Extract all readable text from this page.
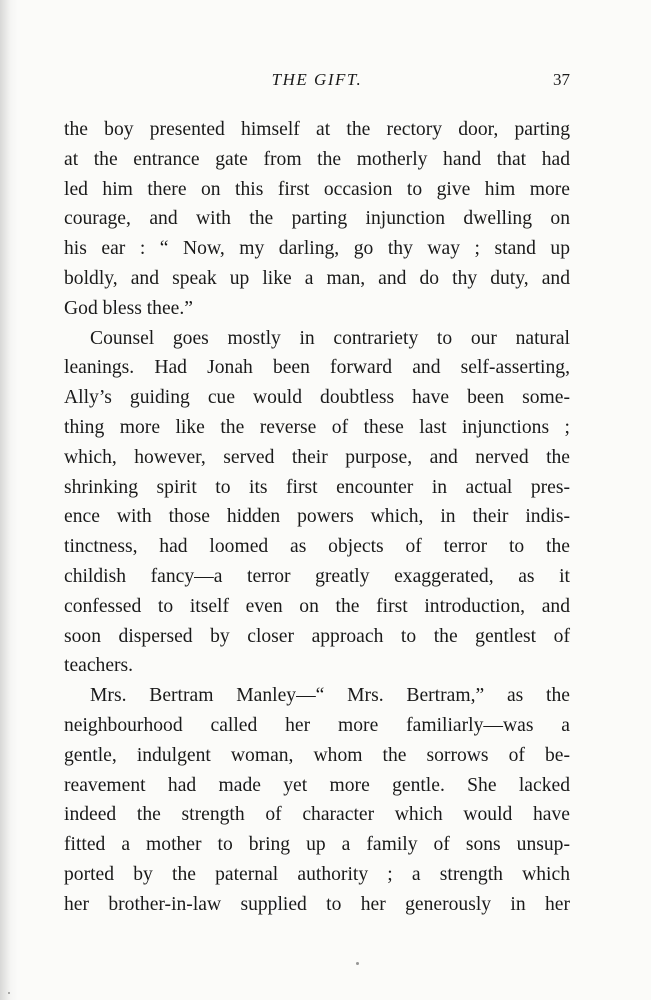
THE GIFT.	37
the boy presented himself at the rectory door, parting
at the entrance gate from the motherly hand that had
led him there on this first occasion to give him more
courage, and with the parting injunction dwelling on
his ear : “ Now, my darling, go thy way ; stand up
boldly, and speak up like a man, and do thy duty, and
God bless thee.”
Counsel goes mostly in contrariety to our natural
leanings. Had Jonah been forward and self-asserting,
Ally’s guiding cue would doubtless have been some-
thing more like the reverse of these last injunctions ;
which, however, served their purpose, and nerved the
shrinking spirit to its first encounter in actual pres-
ence with those hidden powers which, in their indis-
tinctness, had loomed as objects of terror to the
childish fancy—a terror greatly exaggerated, as it
confessed to itself even on the first introduction, and
soon dispersed by closer approach to the gentlest of
teachers.
Mrs. Bertram Manley—“ Mrs. Bertram,” as the
neighbourhood called her more familiarly—was a
gentle, indulgent woman, whom the sorrows of be-
reavement had made yet more gentle. She lacked
indeed the strength of character which would have
fitted a mother to bring up a family of sons unsup-
ported by the paternal authority ; a strength which
her brother-in-law supplied to her generously in her
